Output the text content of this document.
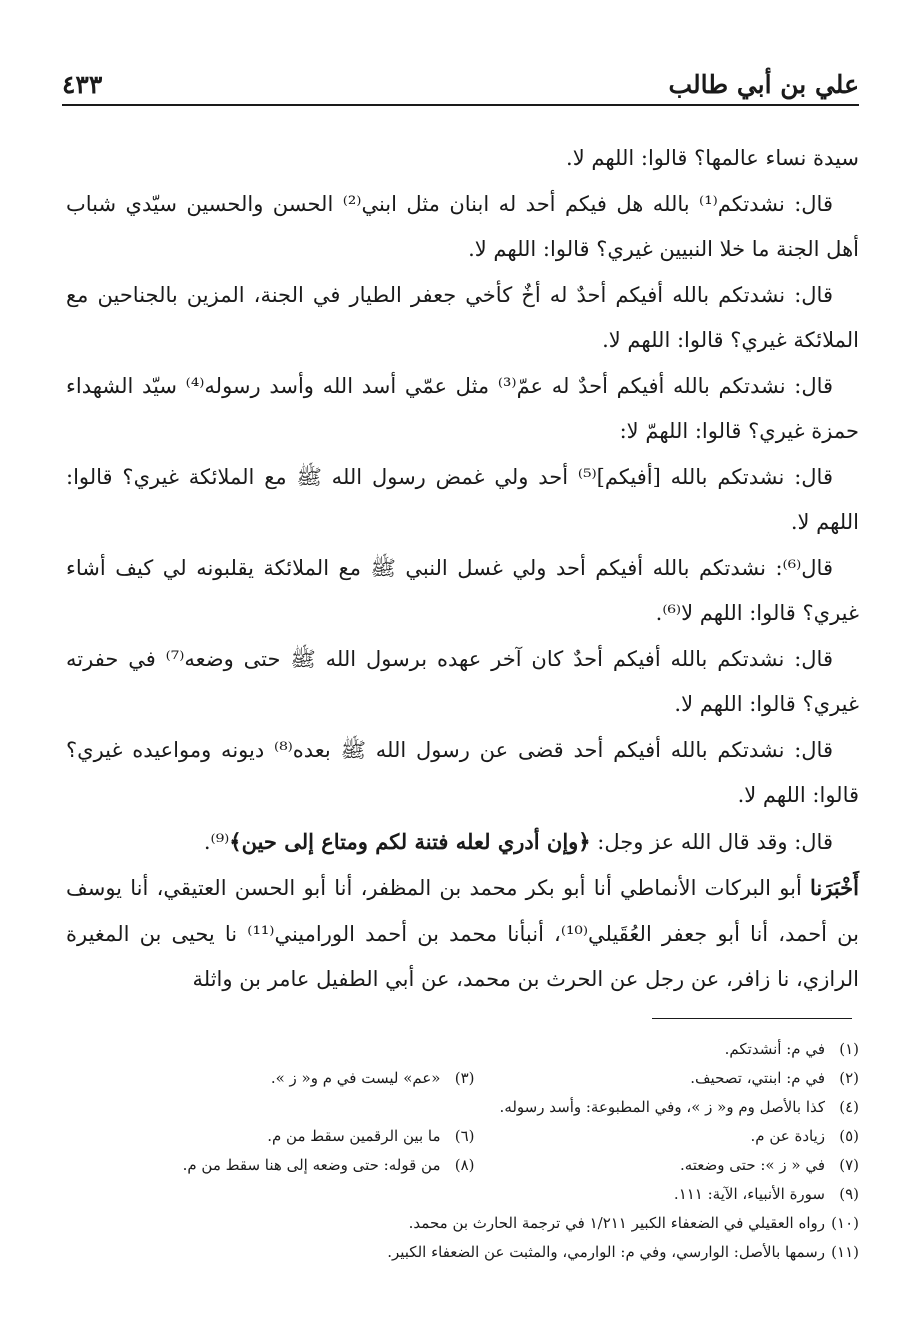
علي بن أبي طالب
٤٣٣

سيدة نساء عالمها؟ قالوا: اللهم لا.

قال: نشدتكم⁽¹⁾ بالله هل فيكم أحد له ابنان مثل ابني⁽²⁾ الحسن والحسين سيّدي شباب أهل الجنة ما خلا النبيين غيري؟ قالوا: اللهم لا.

قال: نشدتكم بالله أفيكم أحدٌ له أخٌ كأخي جعفر الطيار في الجنة، المزين بالجناحين مع الملائكة غيري؟ قالوا: اللهم لا.

قال: نشدتكم بالله أفيكم أحدٌ له عمّ⁽³⁾ مثل عمّي أسد الله وأسد رسوله⁽⁴⁾ سيّد الشهداء حمزة غيري؟ قالوا: اللهمّ لا:

قال: نشدتكم بالله [أفيكم]⁽⁵⁾ أحد ولي غمض رسول الله ﷺ مع الملائكة غيري؟ قالوا: اللهم لا.

قال⁽⁶⁾: نشدتكم بالله أفيكم أحد ولي غسل النبي ﷺ مع الملائكة يقلبونه لي كيف أشاء غيري؟ قالوا: اللهم لا⁽⁶⁾.

قال: نشدتكم بالله أفيكم أحدٌ كان آخر عهده برسول الله ﷺ حتى وضعه⁽⁷⁾ في حفرته غيري؟ قالوا: اللهم لا.

قال: نشدتكم بالله أفيكم أحد قضى عن رسول الله ﷺ بعده⁽⁸⁾ ديونه ومواعيده غيري؟ قالوا: اللهم لا.

قال: وقد قال الله عز وجل: ﴿وإن أدري لعله فتنة لكم ومتاع إلى حين﴾⁽⁹⁾.

أَخْبَرَنا أبو البركات الأنماطي أنا أبو بكر محمد بن المظفر، أنا أبو الحسن العتيقي، أنا يوسف بن أحمد، أنا أبو جعفر العُقَيلي⁽¹⁰⁾، أنبأنا محمد بن أحمد الوراميني⁽¹¹⁾ نا يحيى بن المغيرة الرازي، نا زافر، عن رجل عن الحرث بن محمد، عن أبي الطفيل عامر بن واثلة

(١)
في م: أنشدتكم.
(٢)
في م: ابنتي، تصحيف.
(٣)
«عم» ليست في م و« ز ».
(٤)
كذا بالأصل وم و« ز »، وفي المطبوعة: وأسد رسوله.
(٥)
زيادة عن م.
(٦)
ما بين الرقمين سقط من م.
(٧)
في « ز »: حتى وضعته.
(٨)
من قوله: حتى وضعه إلى هنا سقط من م.
(٩)
سورة الأنبياء، الآية: ١١١.
(١٠)
رواه العقيلي في الضعفاء الكبير ١/٢١١ في ترجمة الحارث بن محمد.
(١١)
رسمها بالأصل: الوارسي، وفي م: الوارمي، والمثبت عن الضعفاء الكبير.
